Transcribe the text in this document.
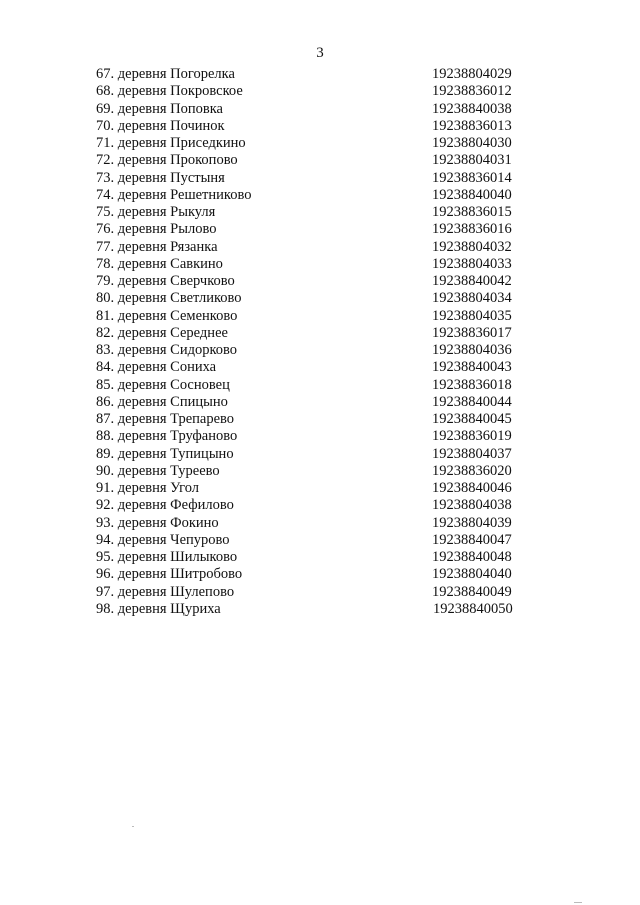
3
67. деревня Погорелка	19238804029
68. деревня Покровское	19238836012
69. деревня Поповка	19238840038
70. деревня Починок	19238836013
71. деревня Приседкино	19238804030
72. деревня Прокопово	19238804031
73. деревня Пустыня	19238836014
74. деревня Решетниково	19238840040
75. деревня Рыкуля	19238836015
76. деревня Рылово	19238836016
77. деревня Рязанка	19238804032
78. деревня Савкино	19238804033
79. деревня Сверчково	19238840042
80. деревня Светликово	19238804034
81. деревня Семенково	19238804035
82. деревня Середнее	19238836017
83. деревня Сидорково	19238804036
84. деревня Сониха	19238840043
85. деревня Сосновец	19238836018
86. деревня Спицыно	19238840044
87. деревня Трепарево	19238840045
88. деревня Труфаново	19238836019
89. деревня Тупицыно	19238804037
90. деревня Туреево	19238836020
91. деревня Угол	19238840046
92. деревня Фефилово	19238804038
93. деревня Фокино	19238804039
94. деревня Чепурово	19238840047
95. деревня Шилыково	19238840048
96. деревня Шитробово	19238804040
97. деревня Шулепово	19238840049
98. деревня Щуриха	19238840050
